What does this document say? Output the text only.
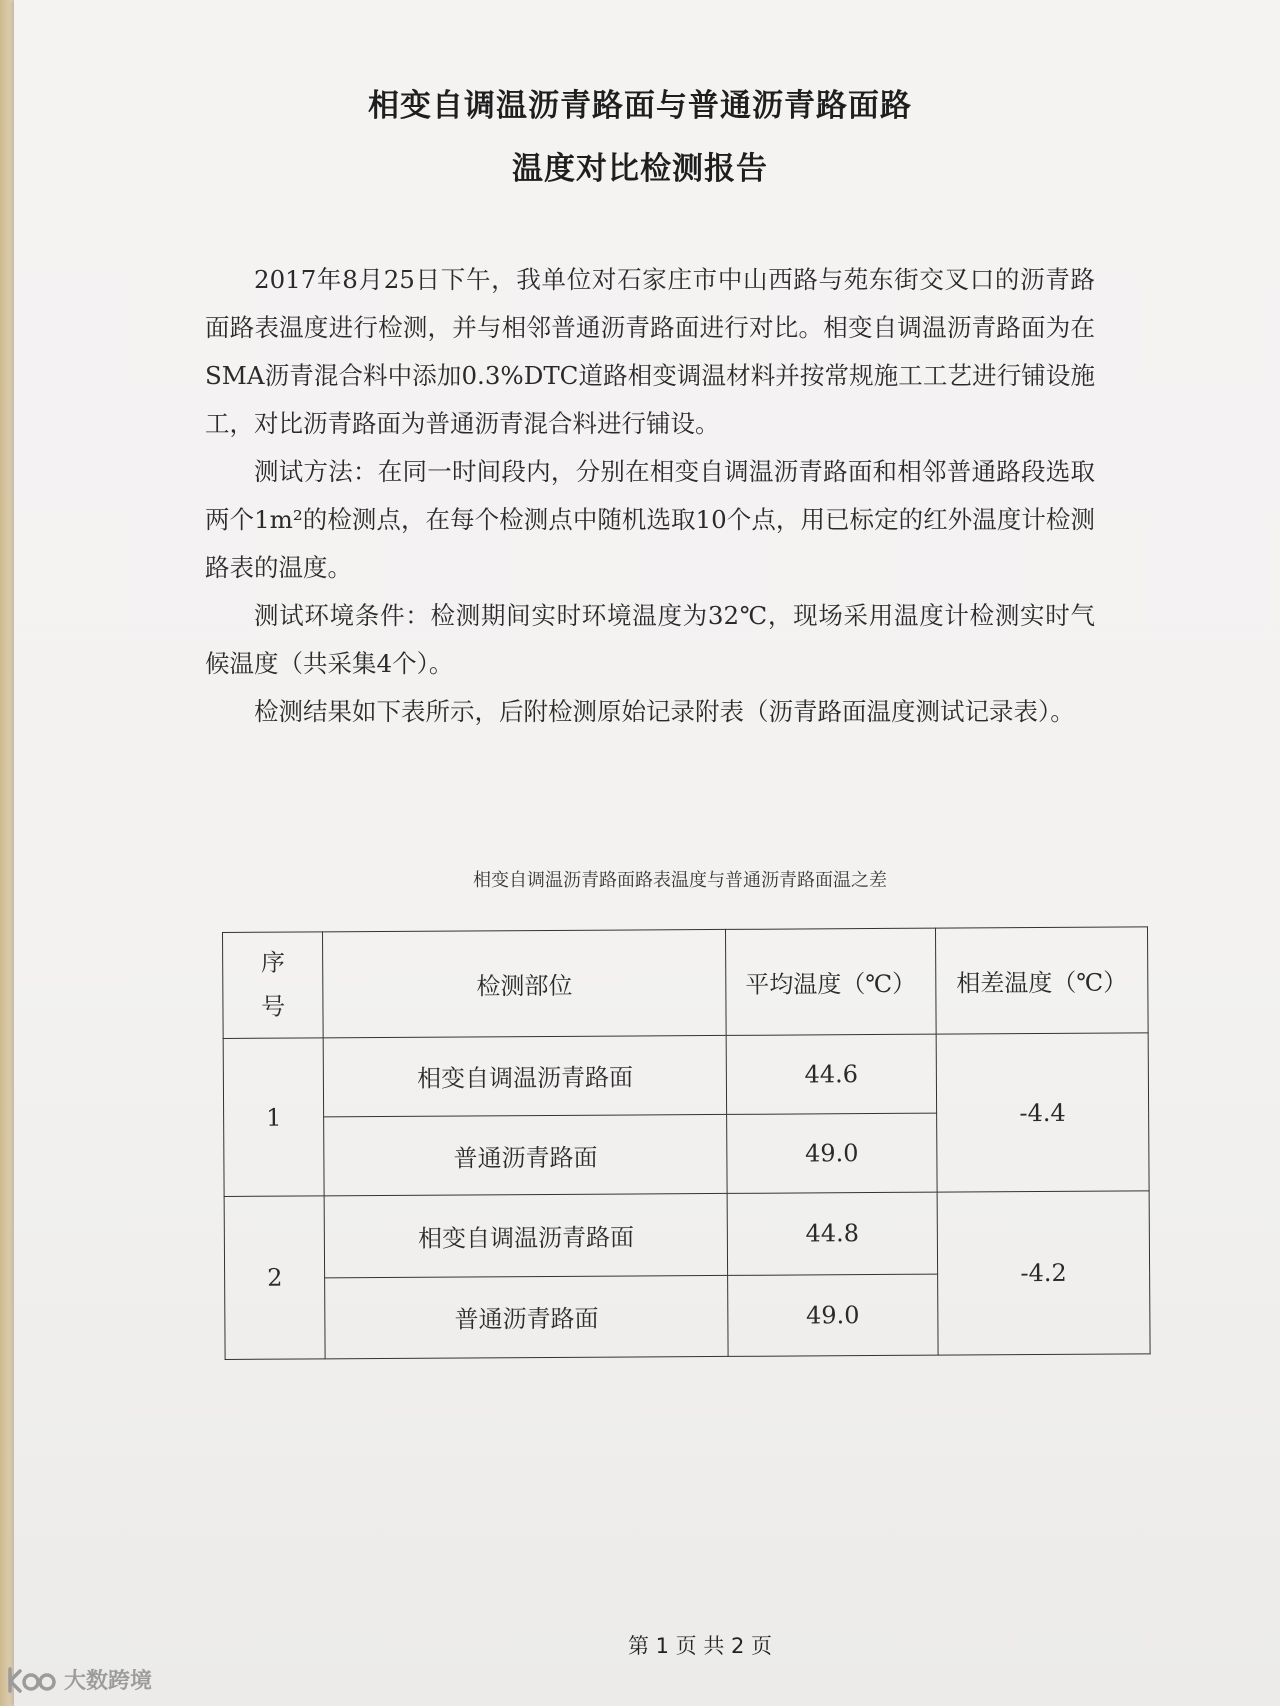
相变自调温沥青路面与普通沥青路面路
温度对比检测报告

2017年8月25日下午，我单位对石家庄市中山西路与苑东街交叉口的沥青路面路表温度进行检测，并与相邻普通沥青路面进行对比。相变自调温沥青路面为在SMA沥青混合料中添加0.3%DTC道路相变调温材料并按常规施工工艺进行铺设施工，对比沥青路面为普通沥青混合料进行铺设。

测试方法：在同一时间段内，分别在相变自调温沥青路面和相邻普通路段选取两个1m²的检测点，在每个检测点中随机选取10个点，用已标定的红外温度计检测路表的温度。

测试环境条件：检测期间实时环境温度为32℃，现场采用温度计检测实时气候温度（共采集4个）。

检测结果如下表所示，后附检测原始记录附表（沥青路面温度测试记录表）。

相变自调温沥青路面路表温度与普通沥青路面温之差
序
号	检测部位	平均温度（℃）	相差温度（℃）
1	相变自调温沥青路面	44.6	-4.4
	普通沥青路面	49.0	
2	相变自调温沥青路面	44.8	-4.2
	普通沥青路面	49.0	
第 1 页 共 2 页
大数跨境
